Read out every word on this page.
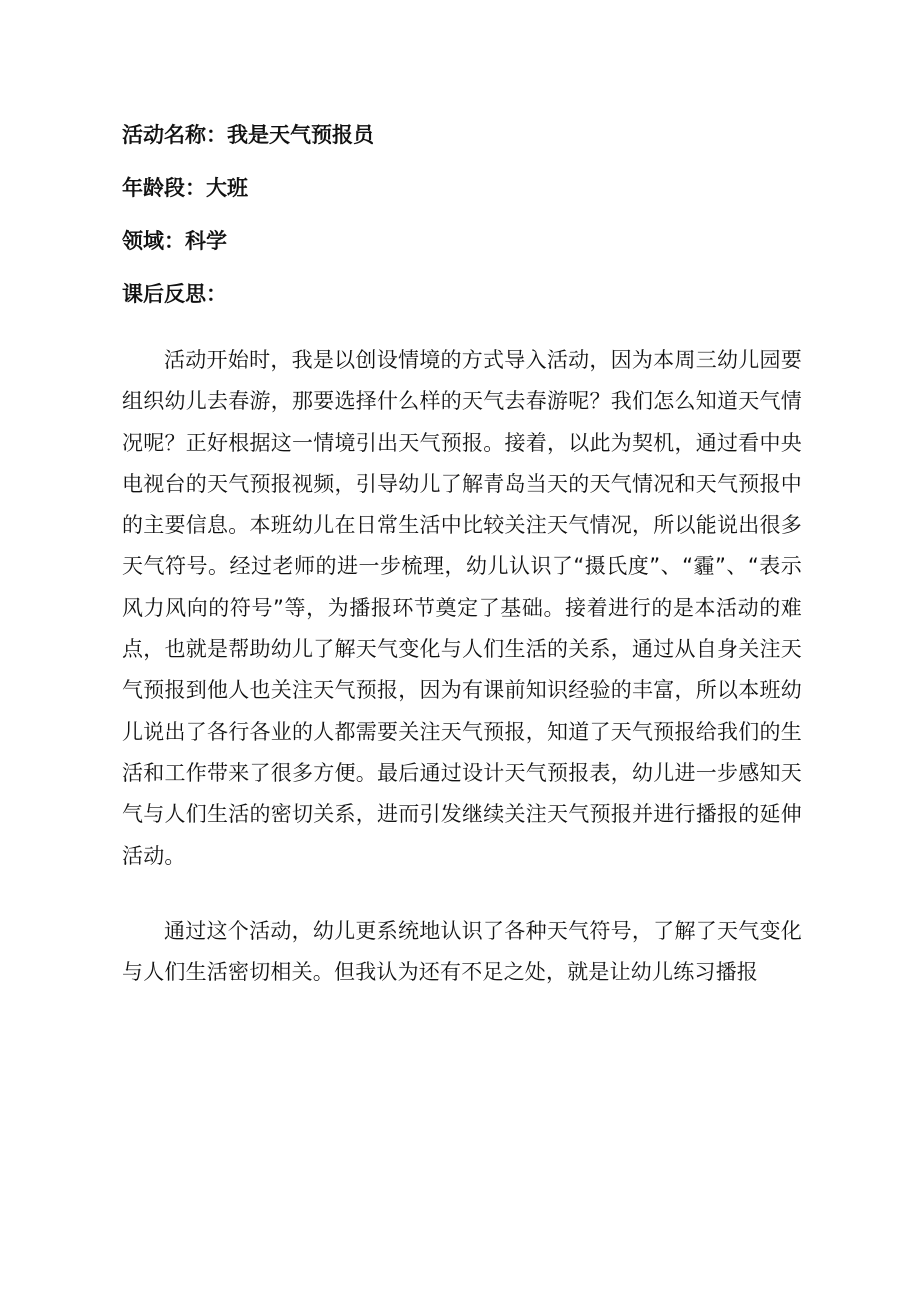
活动名称：我是天气预报员
年龄段：大班
领域：科学
课后反思：

活动开始时，我是以创设情境的方式导入活动，因为本周三幼儿园要组织幼儿去春游，那要选择什么样的天气去春游呢？我们怎么知道天气情况呢？正好根据这一情境引出天气预报。接着，以此为契机，通过看中央电视台的天气预报视频，引导幼儿了解青岛当天的天气情况和天气预报中的主要信息。本班幼儿在日常生活中比较关注天气情况，所以能说出很多天气符号。经过老师的进一步梳理，幼儿认识了“摄氏度”、“霾”、“表示风力风向的符号”等，为播报环节奠定了基础。接着进行的是本活动的难点，也就是帮助幼儿了解天气变化与人们生活的关系，通过从自身关注天气预报到他人也关注天气预报，因为有课前知识经验的丰富，所以本班幼儿说出了各行各业的人都需要关注天气预报，知道了天气预报给我们的生活和工作带来了很多方便。最后通过设计天气预报表，幼儿进一步感知天气与人们生活的密切关系，进而引发继续关注天气预报并进行播报的延伸活动。

通过这个活动，幼儿更系统地认识了各种天气符号，了解了天气变化与人们生活密切相关。但我认为还有不足之处，就是让幼儿练习播报
